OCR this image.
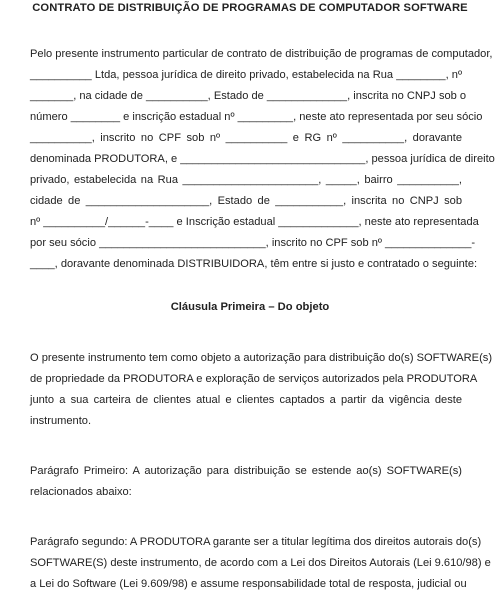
CONTRATO DE DISTRIBUIÇÃO DE PROGRAMAS DE COMPUTADOR SOFTWARE

Pelo presente instrumento particular de contrato de distribuição de programas de computador,

__________ Ltda, pessoa jurídica de direito privado, estabelecida na Rua ________, nº

_______, na cidade de __________, Estado de _____________, inscrita no CNPJ sob o

número ________ e inscrição estadual nº _________, neste ato representada por seu sócio

__________, inscrito no CPF sob nº __________ e RG nº __________, doravante

denominada PRODUTORA, e ______________________________, pessoa jurídica de direito

privado, estabelecida na Rua ______________________, _____, bairro __________,

cidade de ____________________, Estado de ___________, inscrita no CNPJ sob

nº __________/______-____ e Inscrição estadual _____________, neste ato representada

por seu sócio ___________________________, inscrito no CPF sob nº ______________-

____, doravante denominada DISTRIBUIDORA, têm entre si justo e contratado o seguinte:

Cláusula Primeira – Do objeto

O presente instrumento tem como objeto a autorização para distribuição do(s) SOFTWARE(s)

de propriedade da PRODUTORA e exploração de serviços autorizados pela PRODUTORA

junto a sua carteira de clientes atual e clientes captados a partir da vigência deste

instrumento.

Parágrafo Primeiro: A autorização para distribuição se estende ao(s) SOFTWARE(s)

relacionados abaixo:

Parágrafo segundo: A PRODUTORA garante ser a titular legítima dos direitos autorais do(s)

SOFTWARE(S) deste instrumento, de acordo com a Lei dos Direitos Autorais (Lei 9.610/98) e

a Lei do Software (Lei 9.609/98) e assume responsabilidade total de resposta, judicial ou
